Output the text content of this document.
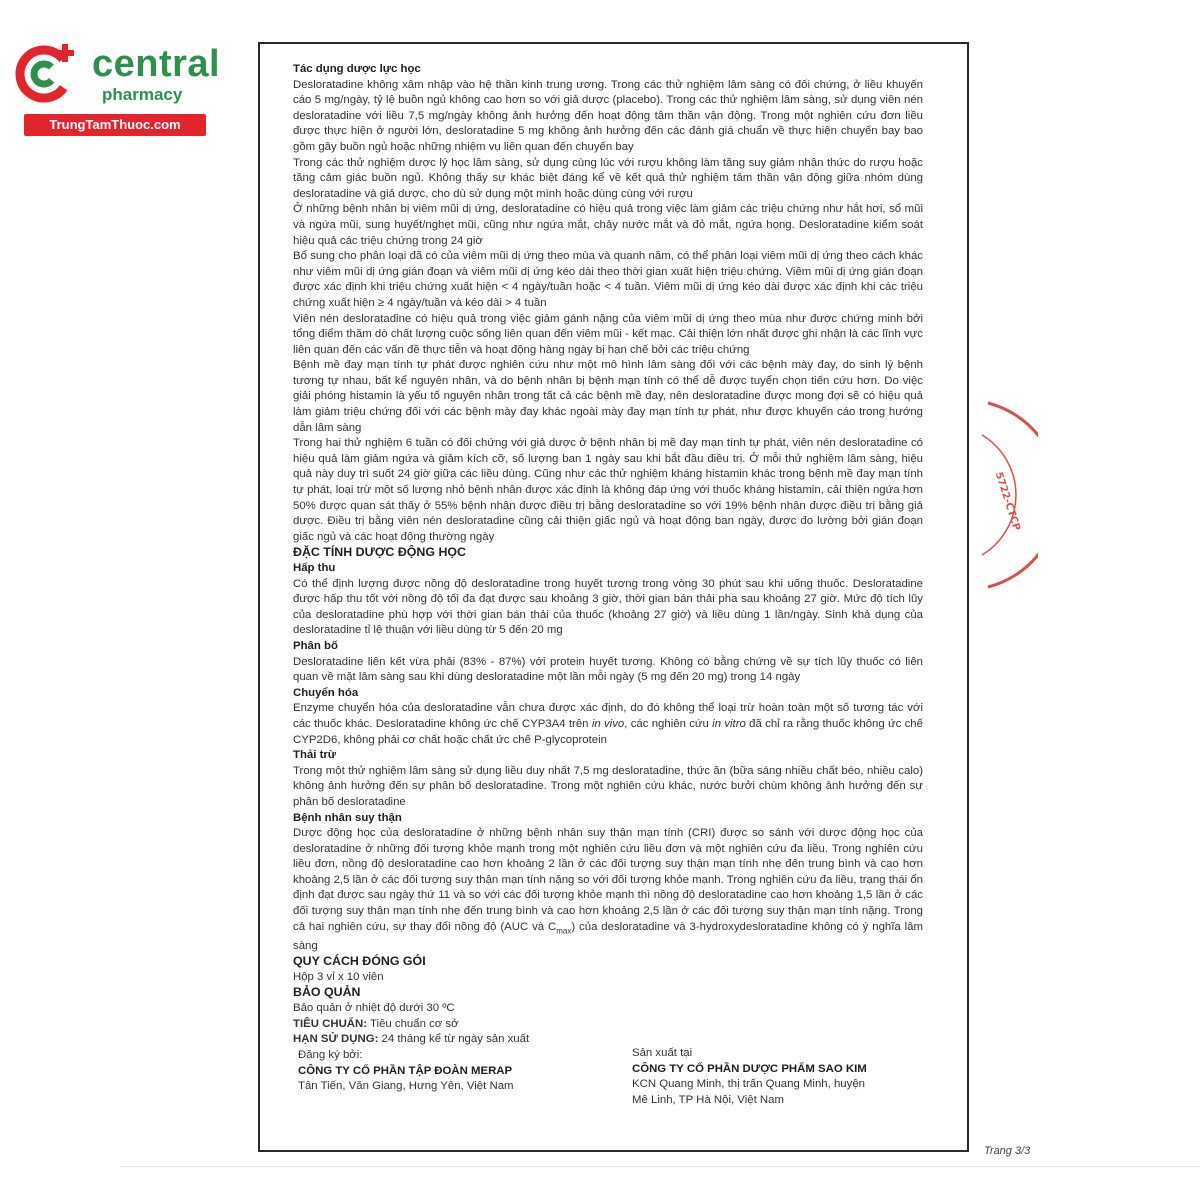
central
pharmacy
TrungTamThuoc.com

Tác dụng dược lực học

Desloratadine không xâm nhập vào hệ thần kinh trung ương. Trong các thử nghiệm lâm sàng có đối chứng, ở liều khuyến cáo 5 mg/ngày, tỷ lệ buồn ngủ không cao hơn so với giả dược (placebo). Trong các thử nghiệm lâm sàng, sử dụng viên nén desloratadine với liều 7,5 mg/ngày không ảnh hưởng đến hoạt động tâm thần vận động. Trong một nghiên cứu đơn liều được thực hiện ở người lớn, desloratadine 5 mg không ảnh hưởng đến các đánh giá chuẩn về thực hiện chuyến bay bao gồm gây buồn ngủ hoặc những nhiệm vụ liên quan đến chuyến bay

Trong các thử nghiệm dược lý học lâm sàng, sử dụng cùng lúc với rượu không làm tăng suy giảm nhận thức do rượu hoặc tăng cảm giác buồn ngủ. Không thấy sự khác biệt đáng kể về kết quả thử nghiệm tâm thần vận động giữa nhóm dùng desloratadine và giả dược, cho dù sử dụng một mình hoặc dùng cùng với rượu

Ở những bệnh nhân bị viêm mũi dị ứng, desloratadine có hiệu quả trong việc làm giảm các triệu chứng như hắt hơi, sổ mũi và ngứa mũi, sung huyết/nghẹt mũi, cũng như ngứa mắt, chảy nước mắt và đỏ mắt, ngứa họng. Desloratadine kiểm soát hiệu quả các triệu chứng trong 24 giờ

Bổ sung cho phân loại đã có của viêm mũi dị ứng theo mùa và quanh năm, có thể phân loại viêm mũi dị ứng theo cách khác như viêm mũi dị ứng gián đoạn và viêm mũi dị ứng kéo dài theo thời gian xuất hiện triệu chứng. Viêm mũi dị ứng gián đoạn được xác định khi triệu chứng xuất hiện < 4 ngày/tuần hoặc < 4 tuần. Viêm mũi dị ứng kéo dài được xác định khi các triệu chứng xuất hiện ≥ 4 ngày/tuần và kéo dài > 4 tuần

Viên nén desloratadine có hiệu quả trong việc giảm gánh nặng của viêm mũi dị ứng theo mùa như được chứng minh bởi tổng điểm thăm dò chất lượng cuộc sống liên quan đến viêm mũi - kết mạc. Cải thiện lớn nhất được ghi nhận là các lĩnh vực liên quan đến các vấn đề thực tiễn và hoạt động hàng ngày bị hạn chế bởi các triệu chứng

Bệnh mề đay mạn tính tự phát được nghiên cứu như một mô hình lâm sàng đối với các bệnh mày đay, do sinh lý bệnh tương tự nhau, bất kể nguyên nhân, và do bệnh nhân bị bệnh mạn tính có thể dễ được tuyển chọn tiến cứu hơn. Do việc giải phóng histamin là yếu tố nguyên nhân trong tất cả các bệnh mề đay, nên desloratadine được mong đợi sẽ có hiệu quả làm giảm triệu chứng đối với các bệnh mày đay khác ngoài mày đay mạn tính tự phát, như được khuyến cáo trong hướng dẫn lâm sàng

Trong hai thử nghiệm 6 tuần có đối chứng với giả dược ở bệnh nhân bị mề đay mạn tính tự phát, viên nén desloratadine có hiệu quả làm giảm ngứa và giảm kích cỡ, số lượng ban 1 ngày sau khi bắt đầu điều trị. Ở mỗi thử nghiệm lâm sàng, hiệu quả này duy trì suốt 24 giờ giữa các liều dùng. Cũng như các thử nghiệm kháng histamin khác trong bệnh mề đay mạn tính tự phát, loại trừ một số lượng nhỏ bệnh nhân được xác định là không đáp ứng với thuốc kháng histamin, cải thiện ngứa hơn 50% được quan sát thấy ở 55% bệnh nhân được điều trị bằng desloratadine so với 19% bệnh nhân được điều trị bằng giả dược. Điều trị bằng viên nén desloratadine cũng cải thiện giấc ngủ và hoạt động ban ngày, được đo lường bởi gián đoạn giấc ngủ và các hoạt động thường ngày

ĐẶC TÍNH DƯỢC ĐỘNG HỌC

Hấp thu

Có thể định lượng được nồng độ desloratadine trong huyết tương trong vòng 30 phút sau khi uống thuốc. Desloratadine được hấp thu tốt với nồng độ tối đa đạt được sau khoảng 3 giờ, thời gian bán thải pha sau khoảng 27 giờ. Mức độ tích lũy của desloratadine phù hợp với thời gian bán thải của thuốc (khoảng 27 giờ) và liều dùng 1 lần/ngày. Sinh khả dụng của desloratadine tỉ lệ thuận với liều dùng từ 5 đến 20 mg

Phân bố

Desloratadine liên kết vừa phải (83% - 87%) với protein huyết tương. Không có bằng chứng về sự tích lũy thuốc có liên quan về mặt lâm sàng sau khi dùng desloratadine một lần mỗi ngày (5 mg đến 20 mg) trong 14 ngày

Chuyển hóa

Enzyme chuyển hóa của desloratadine vẫn chưa được xác định, do đó không thể loại trừ hoàn toàn một số tương tác với các thuốc khác. Desloratadine không ức chế CYP3A4 trên in vivo, các nghiên cứu in vitro đã chỉ ra rằng thuốc không ức chế CYP2D6, không phải cơ chất hoặc chất ức chế P-glycoprotein

Thải trừ

Trong một thử nghiệm lâm sàng sử dụng liều duy nhất 7,5 mg desloratadine, thức ăn (bữa sáng nhiều chất béo, nhiều calo) không ảnh hưởng đến sự phân bố desloratadine. Trong một nghiên cứu khác, nước bưởi chùm không ảnh hưởng đến sự phân bố desloratadine

Bệnh nhân suy thận

Dược động học của desloratadine ở những bệnh nhân suy thận mạn tính (CRI) được so sánh với dược động học của desloratadine ở những đối tượng khỏe mạnh trong một nghiên cứu liều đơn và một nghiên cứu đa liều. Trong nghiên cứu liều đơn, nồng độ desloratadine cao hơn khoảng 2 lần ở các đối tượng suy thận mạn tính nhẹ đến trung bình và cao hơn khoảng 2,5 lần ở các đối tượng suy thận mạn tính nặng so với đối tượng khỏe mạnh. Trong nghiên cứu đa liều, trạng thái ổn định đạt được sau ngày thứ 11 và so với các đối tượng khỏe mạnh thì nồng độ desloratadine cao hơn khoảng 1,5 lần ở các đối tượng suy thận mạn tính nhẹ đến trung bình và cao hơn khoảng 2,5 lần ở các đối tượng suy thận mạn tính nặng. Trong cả hai nghiên cứu, sự thay đổi nồng độ (AUC và $C_{max}$) của desloratadine và 3-hydroxydesloratadine không có ý nghĩa lâm sàng

QUY CÁCH ĐÓNG GÓI

Hộp 3 vỉ x 10 viên

BẢO QUẢN

Bảo quản ở nhiệt độ dưới 30 ºC

TIÊU CHUẨN: Tiêu chuẩn cơ sở

HẠN SỬ DỤNG: 24 tháng kể từ ngày sản xuất

Đăng ký bởi:
CÔNG TY CỔ PHẦN TẬP ĐOÀN MERAP
Tân Tiến, Văn Giang, Hưng Yên, Việt Nam
Sản xuất tại
CÔNG TY CỔ PHẦN DƯỢC PHẨM SAO KIM
KCN Quang Minh, thị trấn Quang Minh, huyện
Mê Linh, TP Hà Nội, Việt Nam
5722-CTCP
Trang 3/3
